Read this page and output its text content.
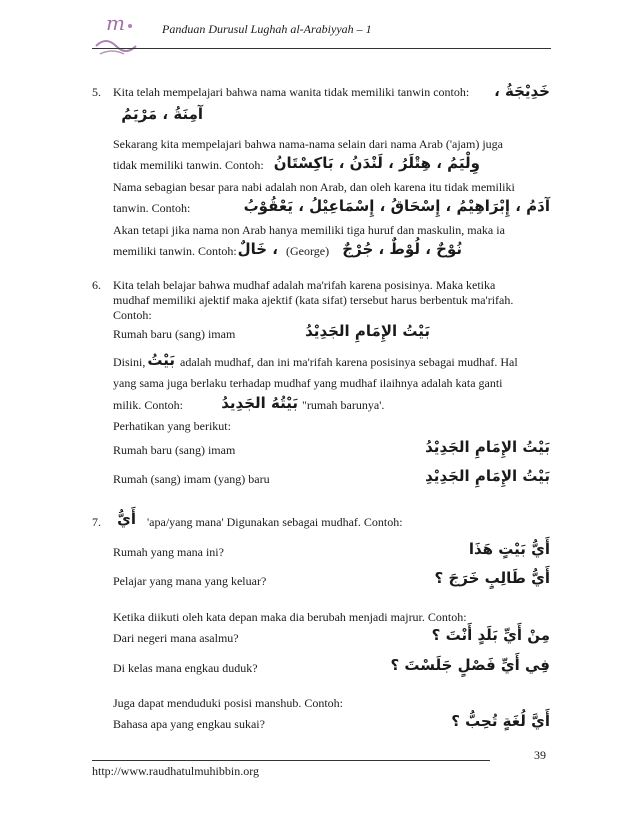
m	Panduan Durusul Lughah al-Arabiyyah – 1
5. Kita telah mempelajari bahwa nama wanita tidak memiliki tanwin contoh: خَدِيْجَةُ ،
آمِنَةُ ، مَرْيَمُ
Sekarang kita mempelajari bahwa nama-nama selain dari nama Arab ('ajam) juga
tidak memiliki tanwin. Contoh: وِلْيَمُ ، هِتْلَرُ ، لَنْدَنُ ، بَاكِسْتَانُ
Nama sebagian besar para nabi adalah non Arab, dan oleh karena itu tidak memiliki
tanwin. Contoh:	آدَمُ ، إِبْرَاهِيْمُ ، إِسْحَاقُ ، إِسْمَاعِيْلُ ، يَعْقُوْبُ
Akan tetapi jika nama non Arab hanya memiliki tiga huruf dan maskulin, maka ia
memiliki tanwin. Contoh: ، خَالٌ (George) نُوْحٌ ، لُوْطٌ ، جُرْجٌ
6. Kita telah belajar bahwa mudhaf adalah ma'rifah karena posisinya. Maka ketika
mudhaf memiliki ajektif maka ajektif (kata sifat) tersebut harus berbentuk ma'rifah.
Contoh:
Rumah baru (sang) imam	بَيْتُ الإِمَامِ الجَدِيْدُ
Disini, بَيْتُ adalah mudhaf, dan ini ma'rifah karena posisinya sebagai mudhaf. Hal
yang sama juga berlaku terhadap mudhaf yang mudhaf ilaihnya adalah kata ganti
milik. Contoh:	بَيْتُهُ الجَدِيدُ "rumah barunya'.
Perhatikan yang berikut:
Rumah baru (sang) imam	بَيْتُ الإِمَامِ الجَدِيْدُ
Rumah (sang) imam (yang) baru	بَيْتُ الإِمَامِ الجَدِيْدِ
7.	أَيُّ 'apa/yang mana' Digunakan sebagai mudhaf. Contoh:
Rumah yang mana ini?	أَيُّ بَيْتٍ هَذَا
Pelajar yang mana yang keluar?	أَيُّ طَالِبٍ خَرَجَ ؟
Ketika diikuti oleh kata depan maka dia berubah menjadi majrur. Contoh:
Dari negeri mana asalmu?	مِنْ أَيِّ بَلَدٍ أَنْتَ ؟
Di kelas mana engkau duduk?	فِي أَيِّ فَصْلٍ جَلَسْتَ ؟
Juga dapat menduduki posisi manshub. Contoh:
Bahasa apa yang engkau sukai?	أَيَّ لُغَةٍ تُحِبُّ ؟
39
http://www.raudhatulmuhibbin.org
